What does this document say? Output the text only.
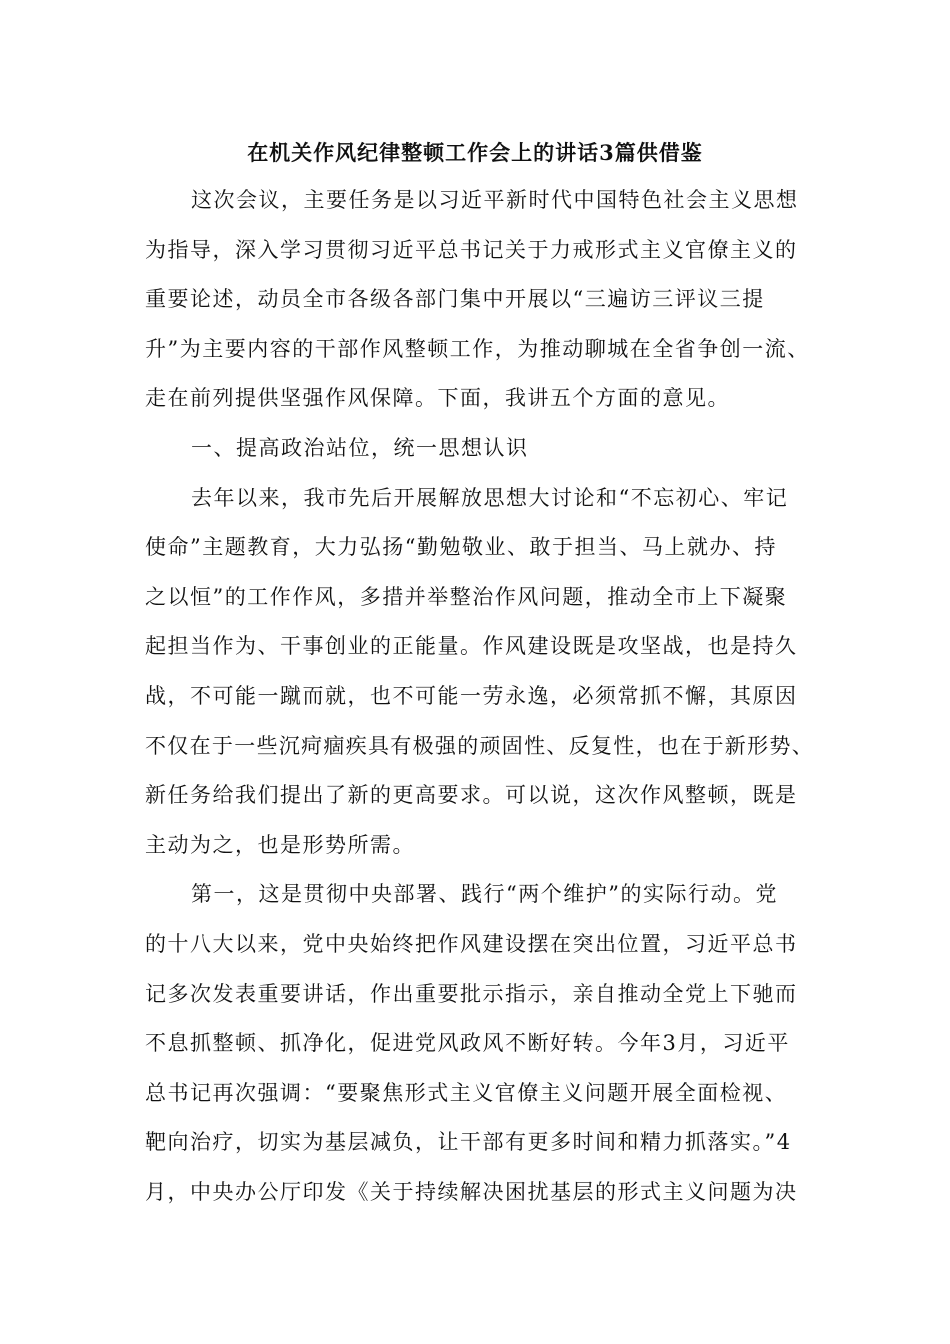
在机关作风纪律整顿工作会上的讲话3篇供借鉴
这次会议，主要任务是以习近平新时代中国特色社会主义思想
为指导，深入学习贯彻习近平总书记关于力戒形式主义官僚主义的
重要论述，动员全市各级各部门集中开展以“三遍访三评议三提
升”为主要内容的干部作风整顿工作，为推动聊城在全省争创一流、
走在前列提供坚强作风保障。下面，我讲五个方面的意见。
一、提高政治站位，统一思想认识
去年以来，我市先后开展解放思想大讨论和“不忘初心、牢记
使命”主题教育，大力弘扬“勤勉敬业、敢于担当、马上就办、持
之以恒”的工作作风，多措并举整治作风问题，推动全市上下凝聚
起担当作为、干事创业的正能量。作风建设既是攻坚战，也是持久
战，不可能一蹴而就，也不可能一劳永逸，必须常抓不懈，其原因
不仅在于一些沉疴痼疾具有极强的顽固性、反复性，也在于新形势、
新任务给我们提出了新的更高要求。可以说，这次作风整顿，既是
主动为之，也是形势所需。
第一，这是贯彻中央部署、践行“两个维护”的实际行动。党
的十八大以来，党中央始终把作风建设摆在突出位置，习近平总书
记多次发表重要讲话，作出重要批示指示，亲自推动全党上下驰而
不息抓整顿、抓净化，促进党风政风不断好转。今年3月，习近平
总书记再次强调：“要聚焦形式主义官僚主义问题开展全面检视、
靶向治疗，切实为基层减负，让干部有更多时间和精力抓落实。”4
月，中央办公厅印发《关于持续解决困扰基层的形式主义问题为决
